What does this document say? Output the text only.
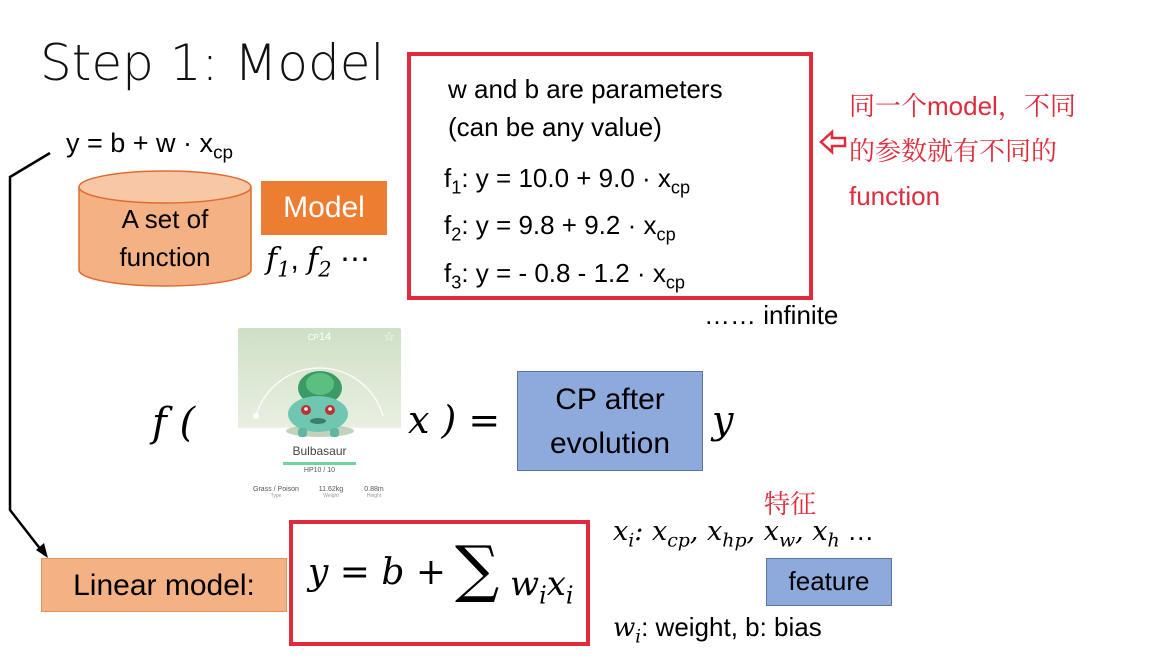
Step 1: Model
$y = b + w \cdot x_{cp}$
A set of
function
Model
$f_1$, $f_2$ ⋯
w and b are parameters
(can be any value)
$f_1$: $y = 10.0 + 9.0 \cdot x_{cp}$
$f_2$: $y = 9.8 + 9.2 \cdot x_{cp}$
$f_3$: y = - $0.8 - 1.2 \cdot x_{cp}$
同一个model，不同
的参数就有不同的
function
…… infinite
CP14	☆
Bulbasaur
HP10 / 10
Grass / Poison
Type
11.62kg
Weight
0.88m
Height
f (	x ) =	CP after
evolution
y
特征
$x_i$: $x_{cp}$, $x_{hp}$, $x_w$, $x_h$ …
feature
$w_i$: weight, b: bias
Linear model:	y = b + ∑ $w_ix_i$
